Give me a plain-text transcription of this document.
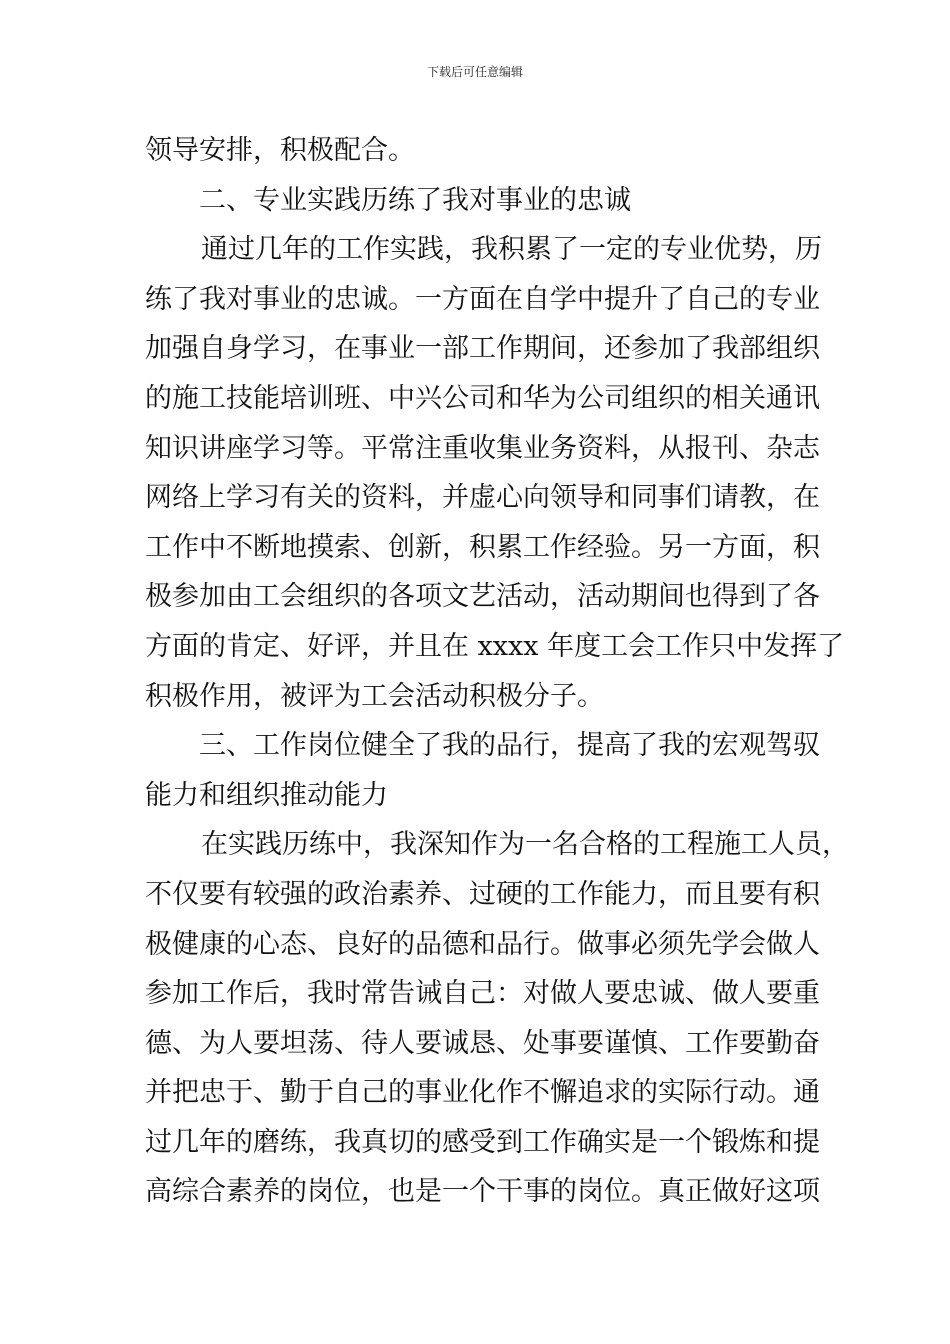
下载后可任意编辑
领导安排，积极配合。
二、专业实践历练了我对事业的忠诚
通过几年的工作实践，我积累了一定的专业优势，历
练了我对事业的忠诚。一方面在自学中提升了自己的专业
加强自身学习，在事业一部工作期间，还参加了我部组织
的施工技能培训班、中兴公司和华为公司组织的相关通讯
知识讲座学习等。平常注重收集业务资料，从报刊、杂志
网络上学习有关的资料，并虚心向领导和同事们请教，在
工作中不断地摸索、创新，积累工作经验。另一方面，积
极参加由工会组织的各项文艺活动，活动期间也得到了各
方面的肯定、好评，并且在 xxxx 年度工会工作只中发挥了
积极作用，被评为工会活动积极分子。
三、工作岗位健全了我的品行，提高了我的宏观驾驭
能力和组织推动能力
在实践历练中，我深知作为一名合格的工程施工人员，
不仅要有较强的政治素养、过硬的工作能力，而且要有积
极健康的心态、良好的品德和品行。做事必须先学会做人
参加工作后，我时常告诫自己：对做人要忠诚、做人要重
德、为人要坦荡、待人要诚恳、处事要谨慎、工作要勤奋
并把忠于、勤于自己的事业化作不懈追求的实际行动。通
过几年的磨练，我真切的感受到工作确实是一个锻炼和提
高综合素养的岗位，也是一个干事的岗位。真正做好这项
